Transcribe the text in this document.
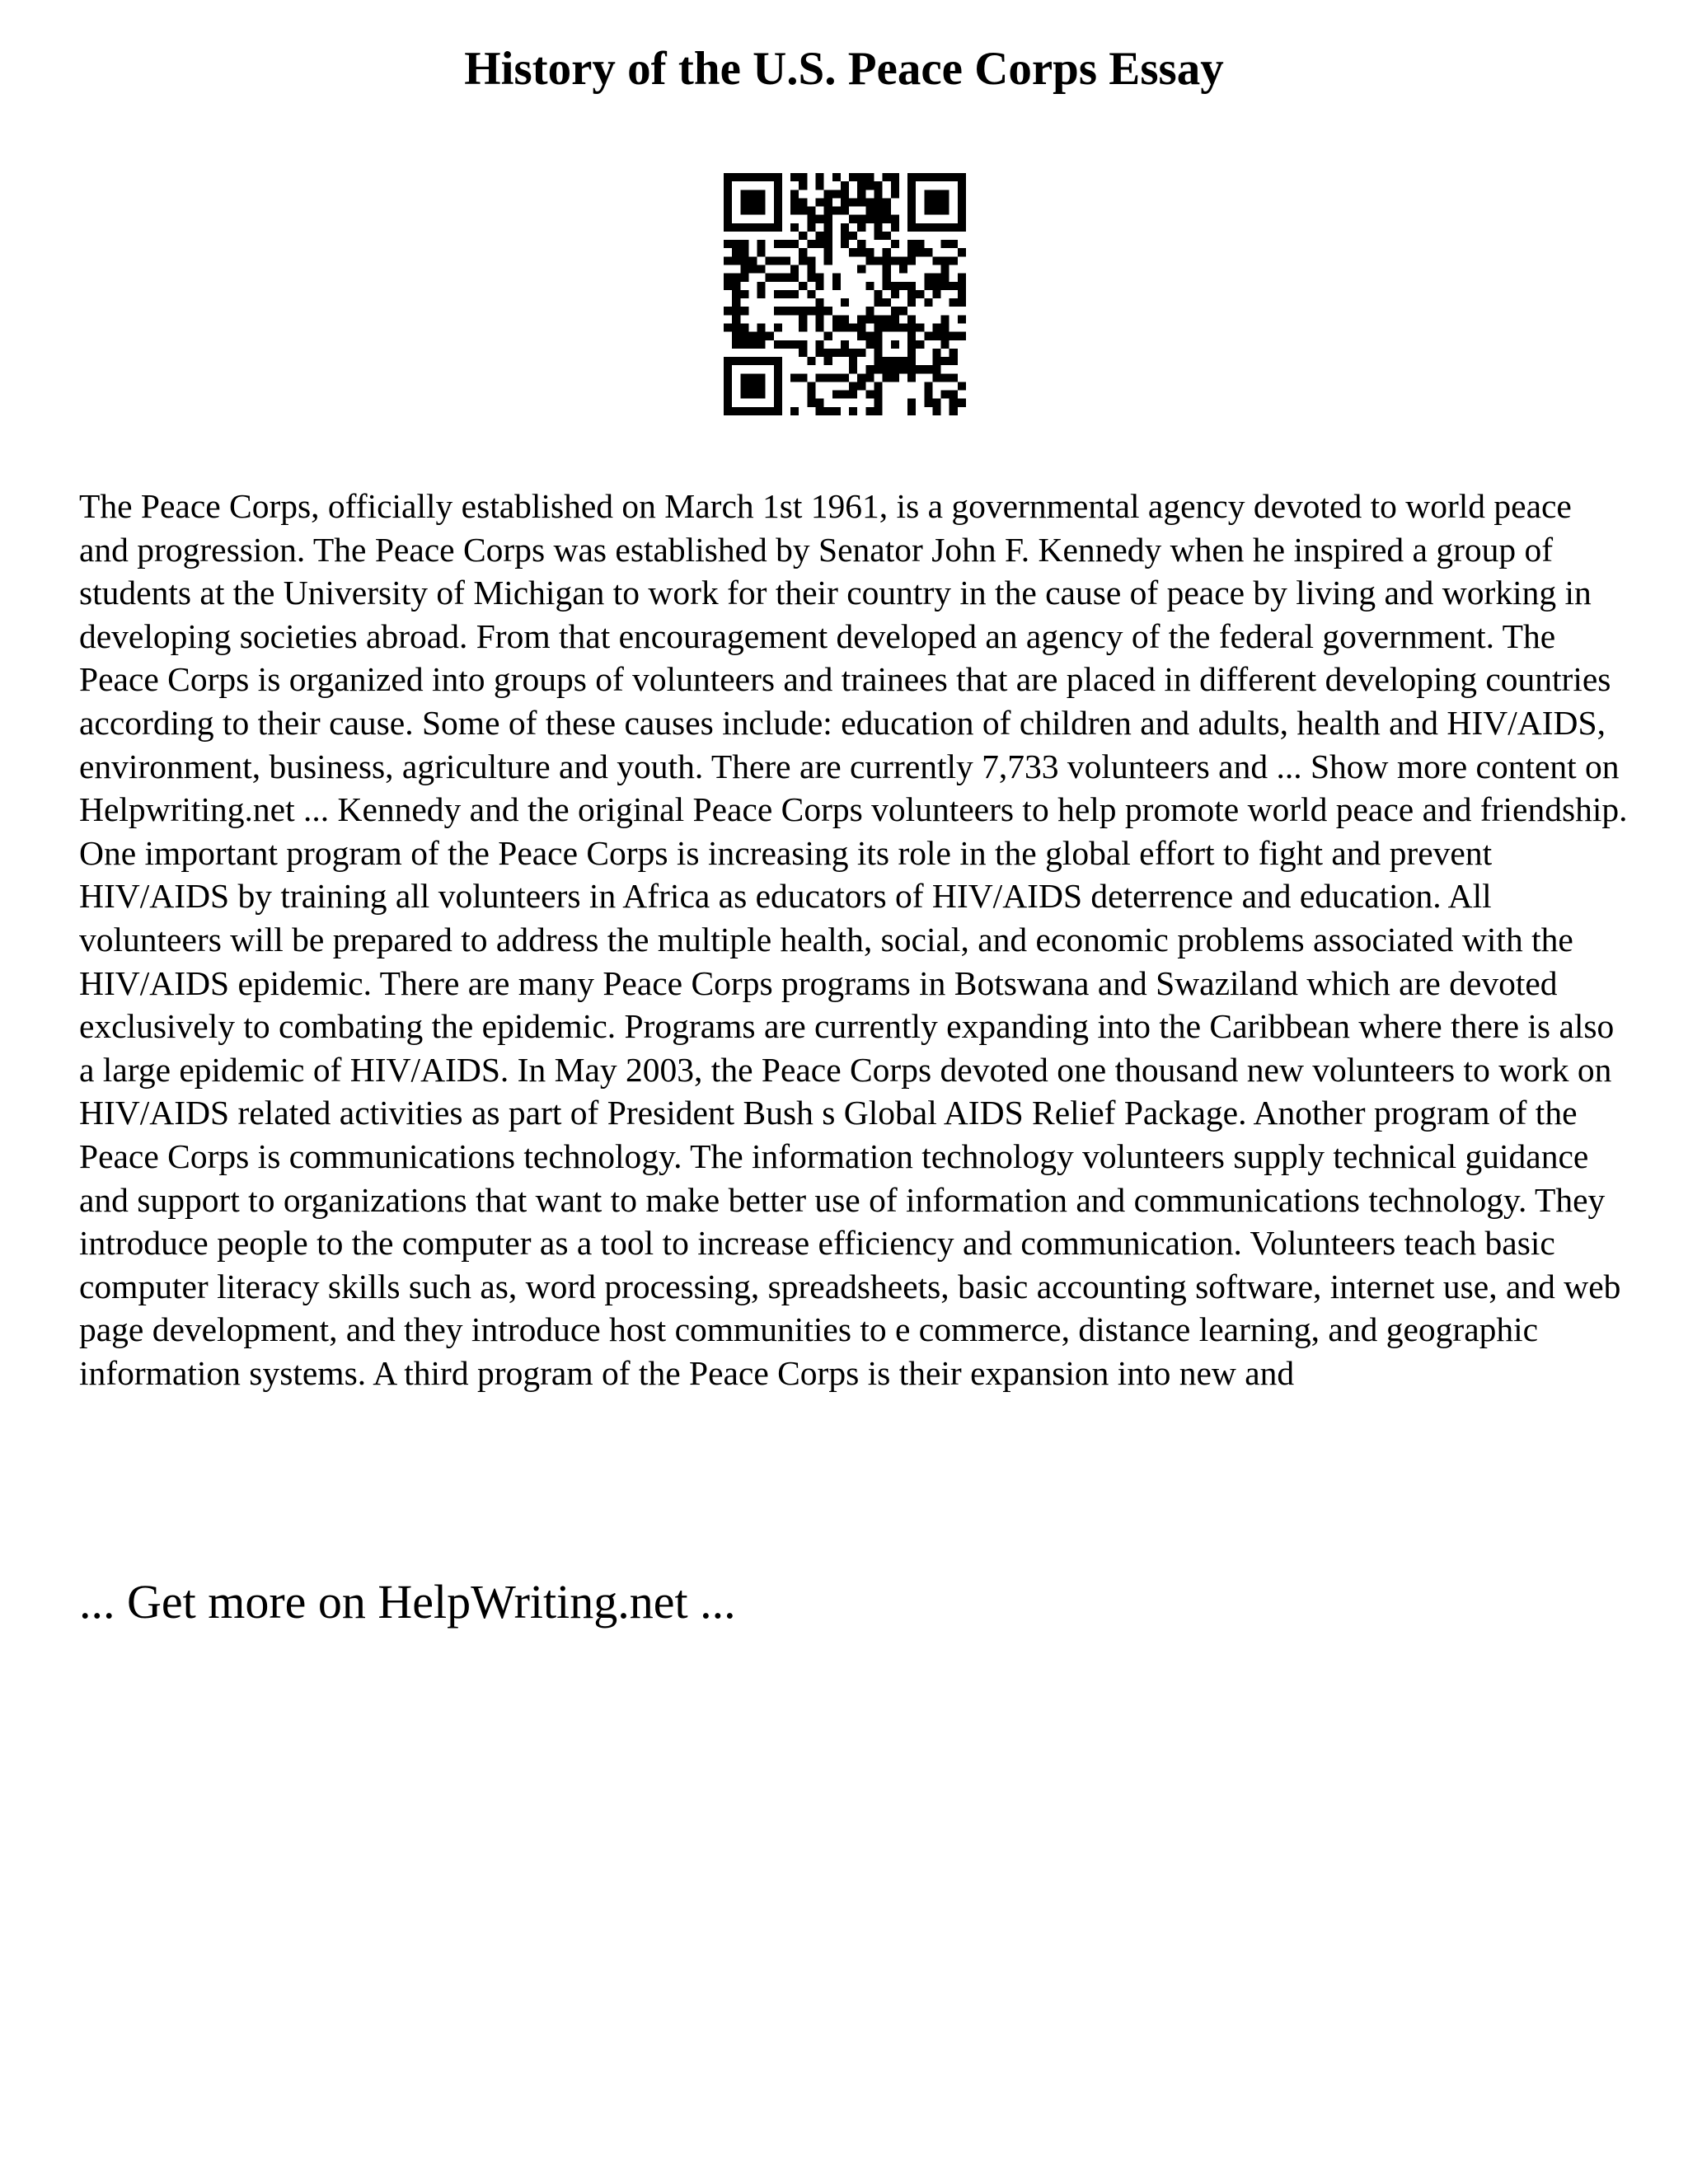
History of the U.S. Peace Corps Essay

The Peace Corps, officially established on March 1st 1961, is a governmental agency devoted to world peace and progression. The Peace Corps was established by Senator John F. Kennedy when he inspired a group of students at the University of Michigan to work for their country in the cause of peace by living and working in developing societies abroad. From that encouragement developed an agency of the federal government. The Peace Corps is organized into groups of volunteers and trainees that are placed in different developing countries according to their cause. Some of these causes include: education of children and adults, health and HIV/AIDS, environment, business, agriculture and youth. There are currently 7,733 volunteers and ... Show more content on Helpwriting.net ... Kennedy and the original Peace Corps volunteers to help promote world peace and friendship. One important program of the Peace Corps is increasing its role in the global effort to fight and prevent HIV/AIDS by training all volunteers in Africa as educators of HIV/AIDS deterrence and education. All volunteers will be prepared to address the multiple health, social, and economic problems associated with the HIV/AIDS epidemic. There are many Peace Corps programs in Botswana and Swaziland which are devoted exclusively to combating the epidemic. Programs are currently expanding into the Caribbean where there is also a large epidemic of HIV/AIDS. In May 2003, the Peace Corps devoted one thousand new volunteers to work on HIV/AIDS related activities as part of President Bush s Global AIDS Relief Package. Another program of the Peace Corps is communications technology. The information technology volunteers supply technical guidance and support to organizations that want to make better use of information and communications technology. They introduce people to the computer as a tool to increase efficiency and communication. Volunteers teach basic computer literacy skills such as, word processing, spreadsheets, basic accounting software, internet use, and web page development, and they introduce host communities to e commerce, distance learning, and geographic information systems. A third program of the Peace Corps is their expansion into new and

... Get more on HelpWriting.net ...
